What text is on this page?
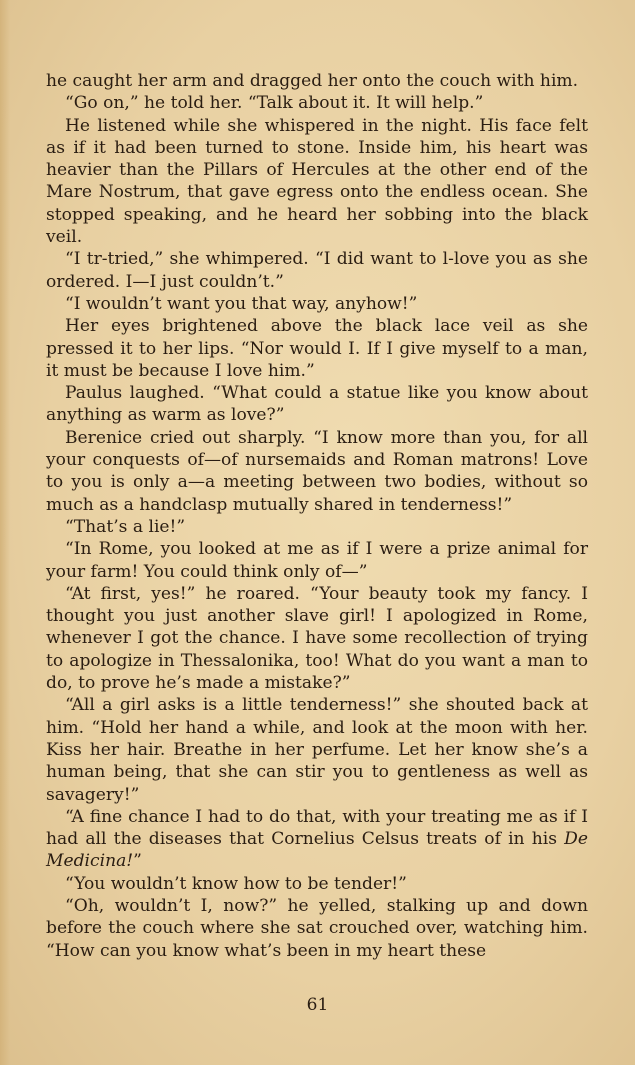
he caught her arm and dragged her onto the couch with him.

“Go on,” he told her. “Talk about it. It will help.”

He listened while she whispered in the night. His face felt as if it had been turned to stone. Inside him, his heart was heavier than the Pillars of Hercules at the other end of the Mare Nostrum, that gave egress onto the endless ocean. She stopped speaking, and he heard her sobbing into the black veil.

“I tr-tried,” she whimpered. “I did want to l-love you as she ordered. I—I just couldn’t.”

“I wouldn’t want you that way, anyhow!”

Her eyes brightened above the black lace veil as she pressed it to her lips. “Nor would I. If I give myself to a man, it must be because I love him.”

Paulus laughed. “What could a statue like you know about anything as warm as love?”

Berenice cried out sharply. “I know more than you, for all your conquests of—of nursemaids and Roman matrons! Love to you is only a—a meeting between two bodies, without so much as a handclasp mutually shared in tenderness!”

“That’s a lie!”

“In Rome, you looked at me as if I were a prize animal for your farm! You could think only of—”

“At first, yes!” he roared. “Your beauty took my fancy. I thought you just another slave girl! I apologized in Rome, whenever I got the chance. I have some recollection of trying to apologize in Thessalonika, too! What do you want a man to do, to prove he’s made a mistake?”

“All a girl asks is a little tenderness!” she shouted back at him. “Hold her hand a while, and look at the moon with her. Kiss her hair. Breathe in her perfume. Let her know she’s a human being, that she can stir you to gentleness as well as savagery!”

“A fine chance I had to do that, with your treating me as if I had all the diseases that Cornelius Celsus treats of in his De Medicina!”

“You wouldn’t know how to be tender!”

“Oh, wouldn’t I, now?” he yelled, stalking up and down before the couch where she sat crouched over, watching him. “How can you know what’s been in my heart these

61
